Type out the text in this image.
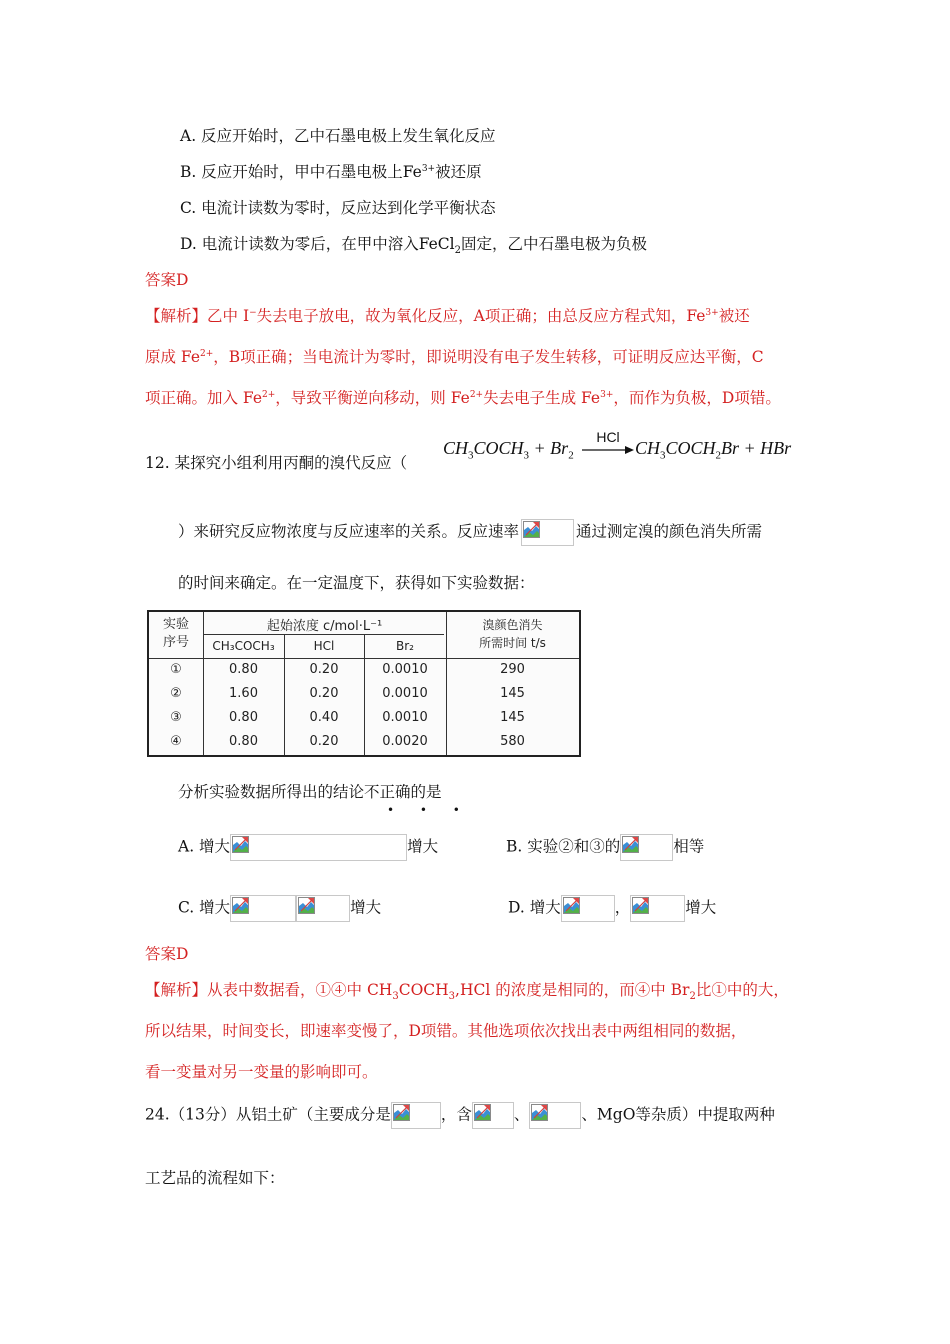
A. 反应开始时，乙中石墨电极上发生氧化反应
B. 反应开始时，甲中石墨电极上$Fe^{3+}$被还原
C. 电流计读数为零时，反应达到化学平衡状态
D. 电流计读数为零后，在甲中溶入FeCl$_2$固定，乙中石墨电极为负极
答案D
【解析】乙中 I−失去电子放电，故为氧化反应，A项正确；由总反应方程式知，$Fe^{3+}$被还
原成 $Fe^{2+}$，B项正确；当电流计为零时，即说明没有电子发生转移，可证明反应达平衡，C
项正确。加入 $Fe^{2+}$，导致平衡逆向移动，则 $Fe^{2+}$失去电子生成 $Fe^{3+}$，而作为负极，D项错。
12. 某探究小组利用丙酮的溴代反应（
$CH_3COCH_3 + Br_2$
HCl
$CH_3COCH_2Br$ + HBr
）来研究反应物浓度与反应速率的关系。反应速率	通过测定溴的颜色消失所需
的时间来确定。在一定温度下，获得如下实验数据：
实验
序号
起始浓度 c/mol·L⁻¹
CH₃COCH₃	HCl	Br₂
溴颜色消失
所需时间 t/s
①	0.80	0.20	0.0010	290
②	1.60	0.20	0.0010	145
③	0.80	0.40	0.0010	145
④	0.80	0.20	0.0020	580
分析实验数据所得出的结论不正确的是
• • •
A. 增大	增大	B. 实验②和③的	相等
C. 增大	增大	D. 增大	，	增大
答案D
【解析】从表中数据看，①④中 $CH_3COCH_3,HCl$ 的浓度是相同的，而④中 $Br_2$比①中的大，
所以结果，时间变长，即速率变慢了，D项错。其他选项依次找出表中两组相同的数据，
看一变量对另一变量的影响即可。
24.（13分）从铝土矿（主要成分是	，含	、	、MgO等杂质）中提取两种
工艺品的流程如下：
